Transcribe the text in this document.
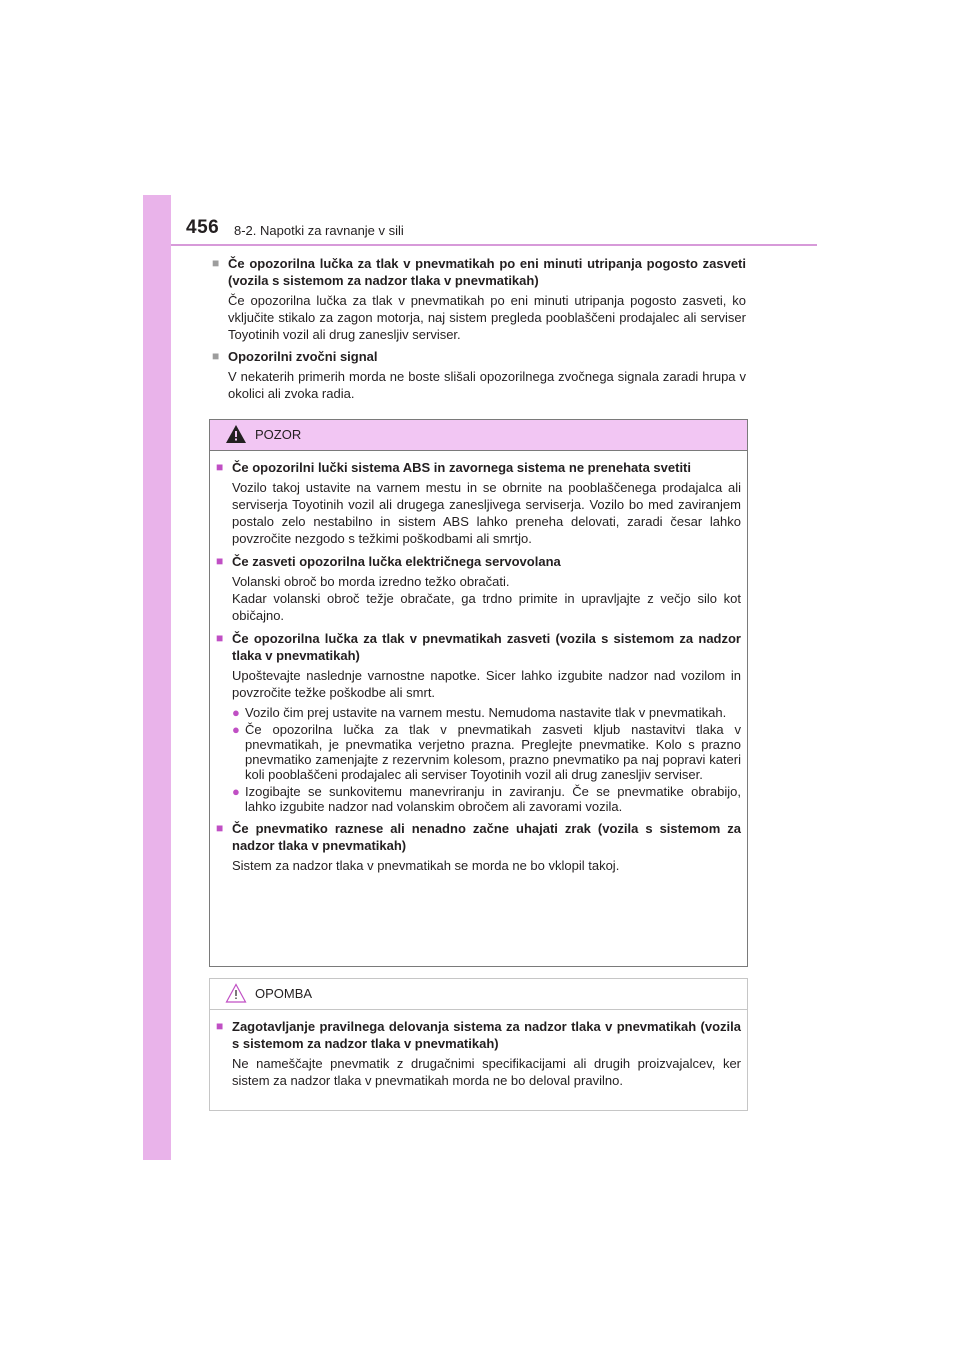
456 8-2. Napotki za ravnanje v sili
■ Če opozorilna lučka za tlak v pnevmatikah po eni minuti utripanja pogosto zasveti (vozila s sistemom za nadzor tlaka v pnevmatikah)

Če opozorilna lučka za tlak v pnevmatikah po eni minuti utripanja pogosto zasveti, ko vključite stikalo za zagon motorja, naj sistem pregleda pooblaščeni prodajalec ali serviser Toyotinih vozil ali drug zanesljiv serviser.

■ Opozorilni zvočni signal

V nekaterih primerih morda ne boste slišali opozorilnega zvočnega signala zaradi hrupa v okolici ali zvoka radia.

POZOR
■ Če opozorilni lučki sistema ABS in zavornega sistema ne prenehata svetiti

Vozilo takoj ustavite na varnem mestu in se obrnite na pooblaščenega prodajalca ali serviserja Toyotinih vozil ali drugega zanesljivega serviserja. Vozilo bo med zaviranjem postalo zelo nestabilno in sistem ABS lahko preneha delovati, zaradi česar lahko povzročite nezgodo s težkimi poškodbami ali smrtjo.

■ Če zasveti opozorilna lučka električnega servovolana

Volanski obroč bo morda izredno težko obračati.

Kadar volanski obroč težje obračate, ga trdno primite in upravljajte z večjo silo kot običajno.

■ Če opozorilna lučka za tlak v pnevmatikah zasveti (vozila s sistemom za nadzor tlaka v pnevmatikah)

Upoštevajte naslednje varnostne napotke. Sicer lahko izgubite nadzor nad vozilom in povzročite težke poškodbe ali smrt.

● Vozilo čim prej ustavite na varnem mestu. Nemudoma nastavite tlak v pnevmatikah.
● Če opozorilna lučka za tlak v pnevmatikah zasveti kljub nastavitvi tlaka v pnevmatikah, je pnevmatika verjetno prazna. Preglejte pnevmatike. Kolo s prazno pnevmatiko zamenjajte z rezervnim kolesom, prazno pnevmatiko pa naj popravi kateri koli pooblaščeni prodajalec ali serviser Toyotinih vozil ali drug zanesljiv serviser.
● Izogibajte se sunkovitemu manevriranju in zaviranju. Če se pnevmatike obrabijo, lahko izgubite nadzor nad volanskim obročem ali zavorami vozila.
■ Če pnevmatiko raznese ali nenadno začne uhajati zrak (vozila s sistemom za nadzor tlaka v pnevmatikah)

Sistem za nadzor tlaka v pnevmatikah se morda ne bo vklopil takoj.

OPOMBA
■ Zagotavljanje pravilnega delovanja sistema za nadzor tlaka v pnevmatikah (vozila s sistemom za nadzor tlaka v pnevmatikah)

Ne nameščajte pnevmatik z drugačnimi specifikacijami ali drugih proizvajalcev, ker sistem za nadzor tlaka v pnevmatikah morda ne bo deloval pravilno.
